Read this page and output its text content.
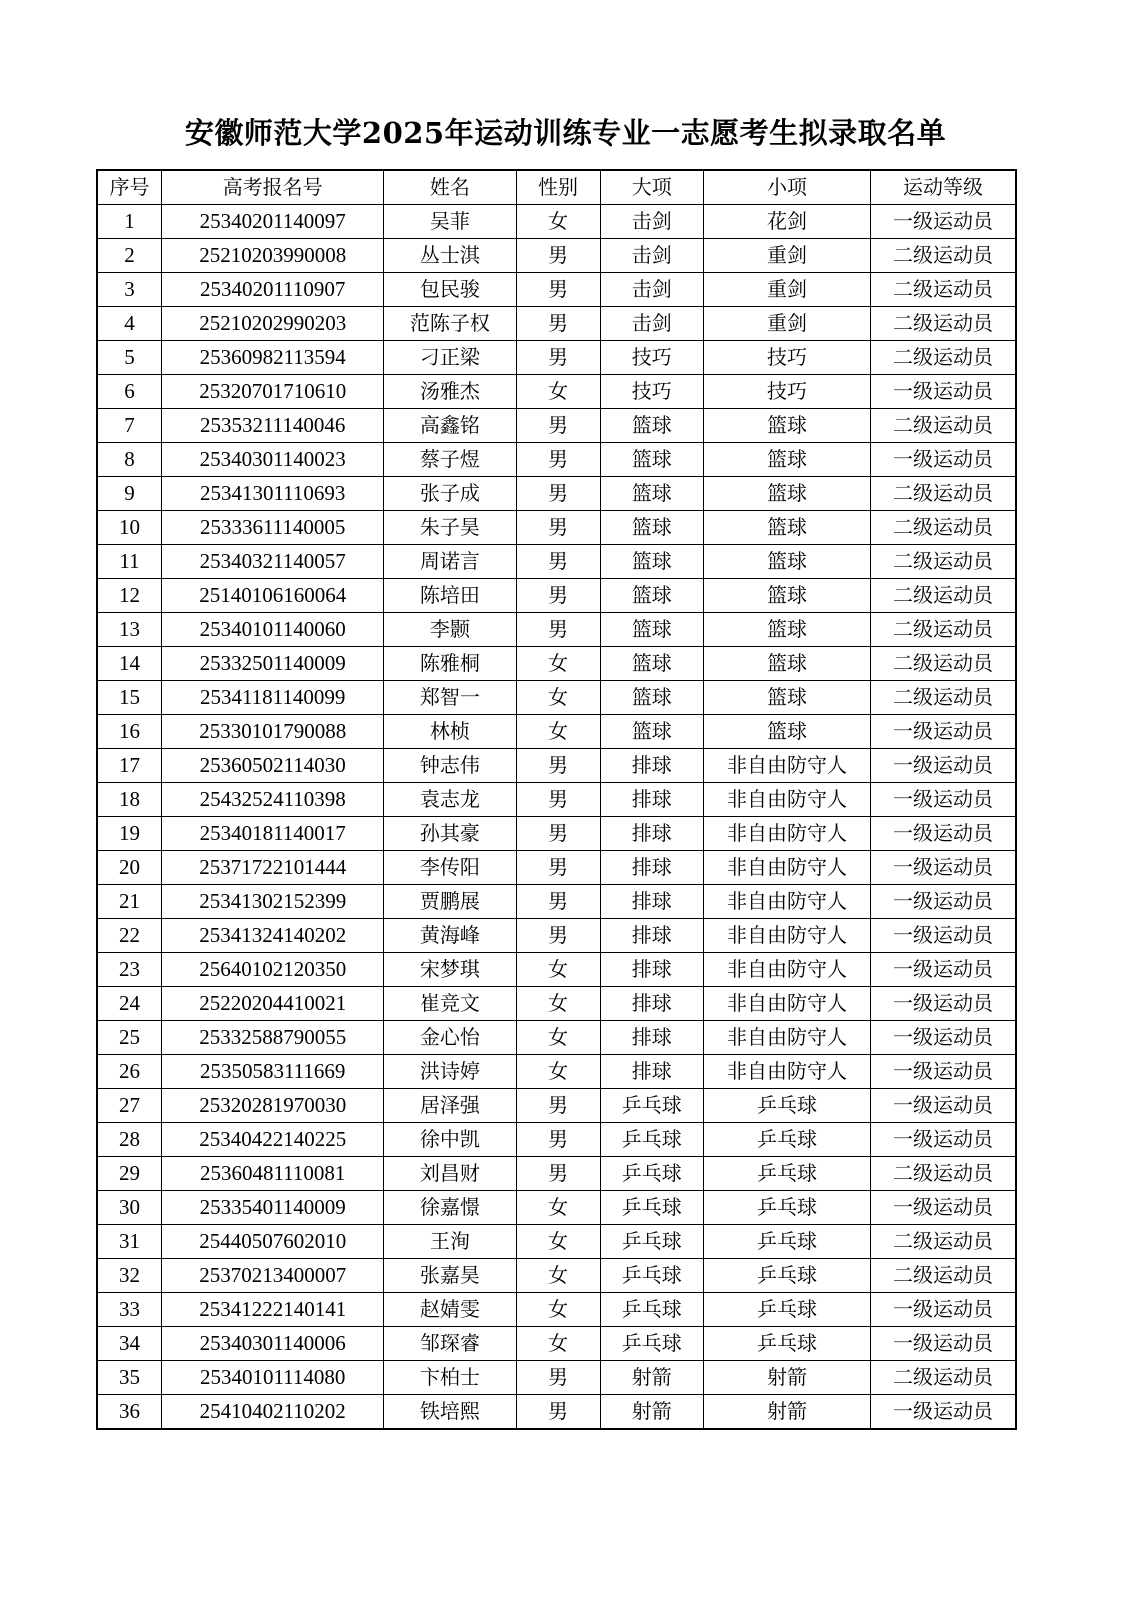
安徽师范大学2025年运动训练专业一志愿考生拟录取名单
序号	高考报名号	姓名	性别	大项	小项	运动等级
1	25340201140097	吴菲	女	击剑	花剑	一级运动员
2	25210203990008	丛士淇	男	击剑	重剑	二级运动员
3	25340201110907	包民骏	男	击剑	重剑	二级运动员
4	25210202990203	范陈子权	男	击剑	重剑	二级运动员
5	25360982113594	刁正梁	男	技巧	技巧	二级运动员
6	25320701710610	汤雅杰	女	技巧	技巧	一级运动员
7	25353211140046	高鑫铭	男	篮球	篮球	二级运动员
8	25340301140023	蔡子煜	男	篮球	篮球	一级运动员
9	25341301110693	张子成	男	篮球	篮球	二级运动员
10	25333611140005	朱子昊	男	篮球	篮球	二级运动员
11	25340321140057	周诺言	男	篮球	篮球	二级运动员
12	25140106160064	陈培田	男	篮球	篮球	二级运动员
13	25340101140060	李颢	男	篮球	篮球	二级运动员
14	25332501140009	陈雅桐	女	篮球	篮球	二级运动员
15	25341181140099	郑智一	女	篮球	篮球	二级运动员
16	25330101790088	林桢	女	篮球	篮球	一级运动员
17	25360502114030	钟志伟	男	排球	非自由防守人	一级运动员
18	25432524110398	袁志龙	男	排球	非自由防守人	一级运动员
19	25340181140017	孙其豪	男	排球	非自由防守人	一级运动员
20	25371722101444	李传阳	男	排球	非自由防守人	一级运动员
21	25341302152399	贾鹏展	男	排球	非自由防守人	一级运动员
22	25341324140202	黄海峰	男	排球	非自由防守人	一级运动员
23	25640102120350	宋梦琪	女	排球	非自由防守人	一级运动员
24	25220204410021	崔竞文	女	排球	非自由防守人	一级运动员
25	25332588790055	金心怡	女	排球	非自由防守人	一级运动员
26	25350583111669	洪诗婷	女	排球	非自由防守人	一级运动员
27	25320281970030	居泽强	男	乒乓球	乒乓球	一级运动员
28	25340422140225	徐中凯	男	乒乓球	乒乓球	一级运动员
29	25360481110081	刘昌财	男	乒乓球	乒乓球	二级运动员
30	25335401140009	徐嘉憬	女	乒乓球	乒乓球	一级运动员
31	25440507602010	王洵	女	乒乓球	乒乓球	二级运动员
32	25370213400007	张嘉昊	女	乒乓球	乒乓球	二级运动员
33	25341222140141	赵婧雯	女	乒乓球	乒乓球	一级运动员
34	25340301140006	邹琛睿	女	乒乓球	乒乓球	一级运动员
35	25340101114080	卞柏士	男	射箭	射箭	二级运动员
36	25410402110202	铁培熙	男	射箭	射箭	一级运动员
